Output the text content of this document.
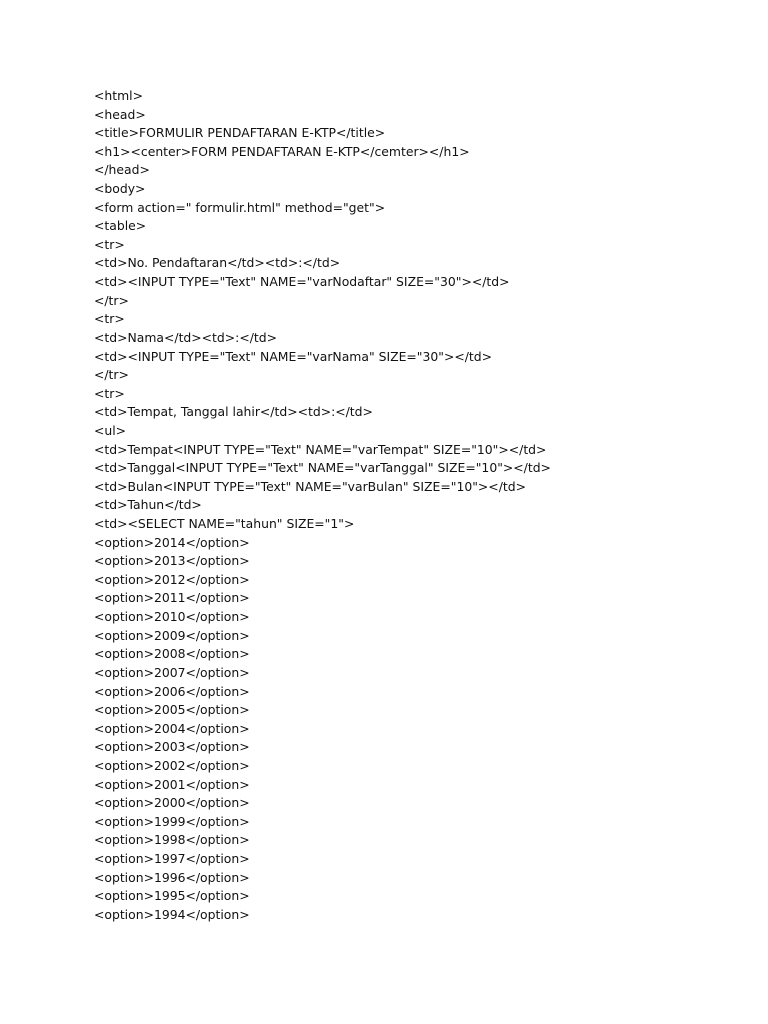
<html>
<head>
<title>FORMULIR PENDAFTARAN E-KTP</title>
<h1><center>FORM PENDAFTARAN E-KTP</cemter></h1>
</head>
<body>
<form action=" formulir.html" method="get">
<table>
<tr>
<td>No. Pendaftaran</td><td>:</td>
<td><INPUT TYPE="Text" NAME="varNodaftar" SIZE="30"></td>
</tr>
<tr>
<td>Nama</td><td>:</td>
<td><INPUT TYPE="Text" NAME="varNama" SIZE="30"></td>
</tr>
<tr>
<td>Tempat, Tanggal lahir</td><td>:</td>
<ul>
<td>Tempat<INPUT TYPE="Text" NAME="varTempat" SIZE="10"></td>
<td>Tanggal<INPUT TYPE="Text" NAME="varTanggal" SIZE="10"></td>
<td>Bulan<INPUT TYPE="Text" NAME="varBulan" SIZE="10"></td>
<td>Tahun</td>
<td><SELECT NAME="tahun" SIZE="1">
<option>2014</option>
<option>2013</option>
<option>2012</option>
<option>2011</option>
<option>2010</option>
<option>2009</option>
<option>2008</option>
<option>2007</option>
<option>2006</option>
<option>2005</option>
<option>2004</option>
<option>2003</option>
<option>2002</option>
<option>2001</option>
<option>2000</option>
<option>1999</option>
<option>1998</option>
<option>1997</option>
<option>1996</option>
<option>1995</option>
<option>1994</option>
